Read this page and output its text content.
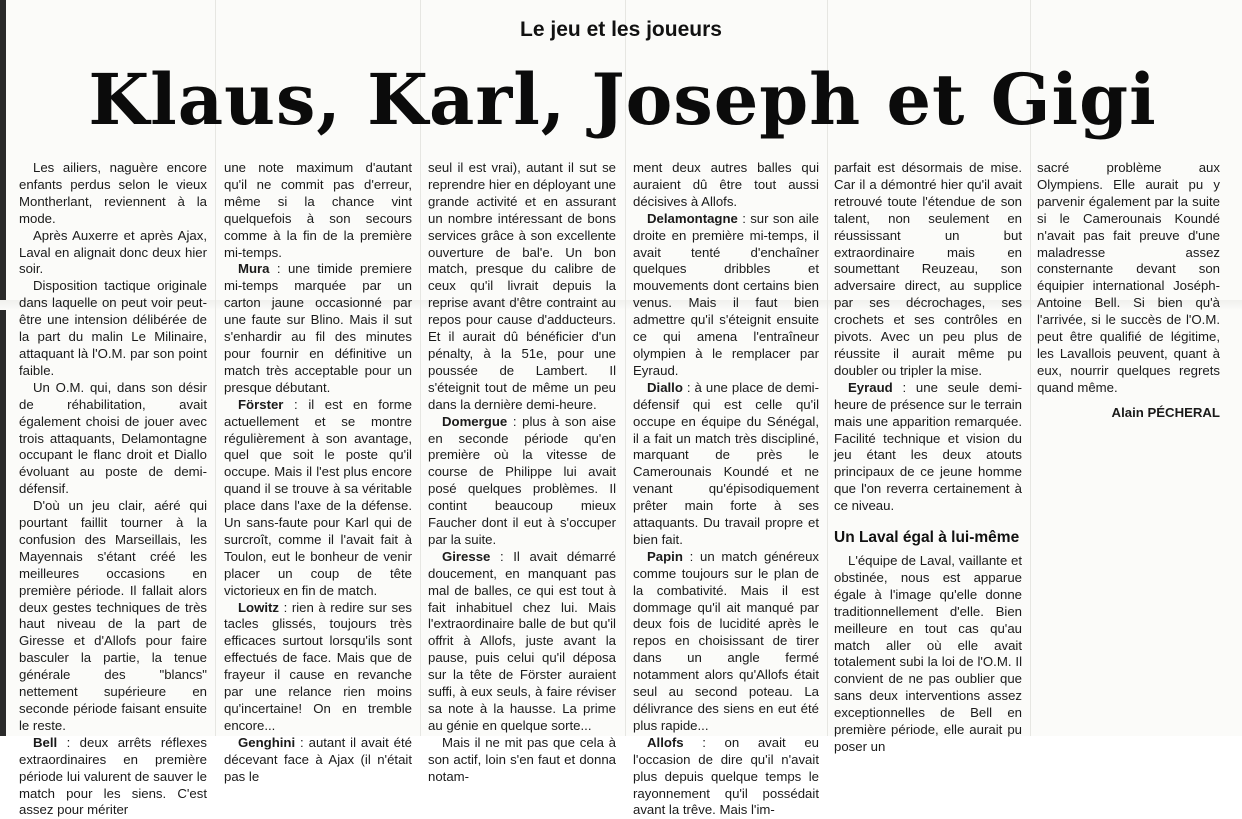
Le jeu et les joueurs
Klaus, Karl, Joseph et Gigi

Les ailiers, naguère encore enfants perdus selon le vieux Montherlant, reviennent à la mode.

Après Auxerre et après Ajax, Laval en alignait donc deux hier soir.

Disposition tactique originale dans laquelle on peut voir peut-être une intension délibérée de la part du malin Le Milinaire, attaquant là l'O.M. par son point faible.

Un O.M. qui, dans son désir de réhabilitation, avait également choisi de jouer avec trois attaquants, Delamontagne occupant le flanc droit et Diallo évoluant au poste de demi-défensif.

D'où un jeu clair, aéré qui pourtant faillit tourner à la confusion des Marseillais, les Mayennais s'étant créé les meilleures occasions en première période. Il fallait alors deux gestes techniques de très haut niveau de la part de Giresse et d'Allofs pour faire basculer la partie, la tenue générale des "blancs" nettement supérieure en seconde période faisant ensuite le reste.

Bell : deux arrêts réflexes extraordinaires en première période lui valurent de sauver le match pour les siens. C'est assez pour mériter

une note maximum d'autant qu'il ne commit pas d'erreur, même si la chance vint quelquefois à son secours comme à la fin de la première mi-temps.

Mura : une timide premiere mi-temps marquée par un carton jaune occasionné par une faute sur Blino. Mais il sut s'enhardir au fil des minutes pour fournir en définitive un match très acceptable pour un presque débutant.

Förster : il est en forme actuellement et se montre régulièrement à son avantage, quel que soit le poste qu'il occupe. Mais il l'est plus encore quand il se trouve à sa véritable place dans l'axe de la défense. Un sans-faute pour Karl qui de surcroît, comme il l'avait fait à Toulon, eut le bonheur de venir placer un coup de tête victorieux en fin de match.

Lowitz : rien à redire sur ses tacles glissés, toujours très efficaces surtout lorsqu'ils sont effectués de face. Mais que de frayeur il cause en revanche par une relance rien moins qu'incertaine! On en tremble encore...

Genghini : autant il avait été décevant face à Ajax (il n'était pas le

seul il est vrai), autant il sut se reprendre hier en déployant une grande activité et en assurant un nombre intéressant de bons services grâce à son excellente ouverture de bal'e. Un bon match, presque du calibre de ceux qu'il livrait depuis la reprise avant d'être contraint au repos pour cause d'adducteurs. Et il aurait dû bénéficier d'un pénalty, à la 51e, pour une poussée de Lambert. Il s'éteignit tout de même un peu dans la dernière demi-heure.

Domergue : plus à son aise en seconde période qu'en première où la vitesse de course de Philippe lui avait posé quelques problèmes. Il contint beaucoup mieux Faucher dont il eut à s'occuper par la suite.

Giresse : Il avait démarré doucement, en manquant pas mal de balles, ce qui est tout à fait inhabituel chez lui. Mais l'extraordinaire balle de but qu'il offrit à Allofs, juste avant la pause, puis celui qu'il déposa sur la tête de Förster auraient suffi, à eux seuls, à faire réviser sa note à la hausse. La prime au génie en quelque sorte...

Mais il ne mit pas que cela à son actif, loin s'en faut et donna notam-

ment deux autres balles qui auraient dû être tout aussi décisives à Allofs.

Delamontagne : sur son aile droite en première mi-temps, il avait tenté d'enchaîner quelques dribbles et mouvements dont certains bien venus. Mais il faut bien admettre qu'il s'éteignit ensuite ce qui amena l'entraîneur olympien à le remplacer par Eyraud.

Diallo : à une place de demi-défensif qui est celle qu'il occupe en équipe du Sénégal, il a fait un match très discipliné, marquant de près le Camerounais Koundé et ne venant qu'épisodiquement prêter main forte à ses attaquants. Du travail propre et bien fait.

Papin : un match généreux comme toujours sur le plan de la combativité. Mais il est dommage qu'il ait manqué par deux fois de lucidité après le repos en choisissant de tirer dans un angle fermé notamment alors qu'Allofs était seul au second poteau. La délivrance des siens en eut été plus rapide...

Allofs : on avait eu l'occasion de dire qu'il n'avait plus depuis quelque temps le rayonnement qu'il possédait avant la trêve. Mais l'im-

parfait est désormais de mise. Car il a démontré hier qu'il avait retrouvé toute l'étendue de son talent, non seulement en réussissant un but extraordinaire mais en soumettant Reuzeau, son adversaire direct, au supplice par ses décrochages, ses crochets et ses contrôles en pivots. Avec un peu plus de réussite il aurait même pu doubler ou tripler la mise.

Eyraud : une seule demi-heure de présence sur le terrain mais une apparition remarquée. Facilité technique et vision du jeu étant les deux atouts principaux de ce jeune homme que l'on reverra certainement à ce niveau.

Un Laval égal à lui-même

L'équipe de Laval, vaillante et obstinée, nous est apparue égale à l'image qu'elle donne traditionnellement d'elle. Bien meilleure en tout cas qu'au match aller où elle avait totalement subi la loi de l'O.M. Il convient de ne pas oublier que sans deux interventions assez exceptionnelles de Bell en première période, elle aurait pu poser un

sacré problème aux Olympiens. Elle aurait pu y parvenir également par la suite si le Camerounais Koundé n'avait pas fait preuve d'une maladresse assez consternante devant son équipier international Joséph-Antoine Bell. Si bien qu'à l'arrivée, si le succès de l'O.M. peut être qualifié de légitime, les Lavallois peuvent, quant à eux, nourrir quelques regrets quand même.

Alain PÉCHERAL
